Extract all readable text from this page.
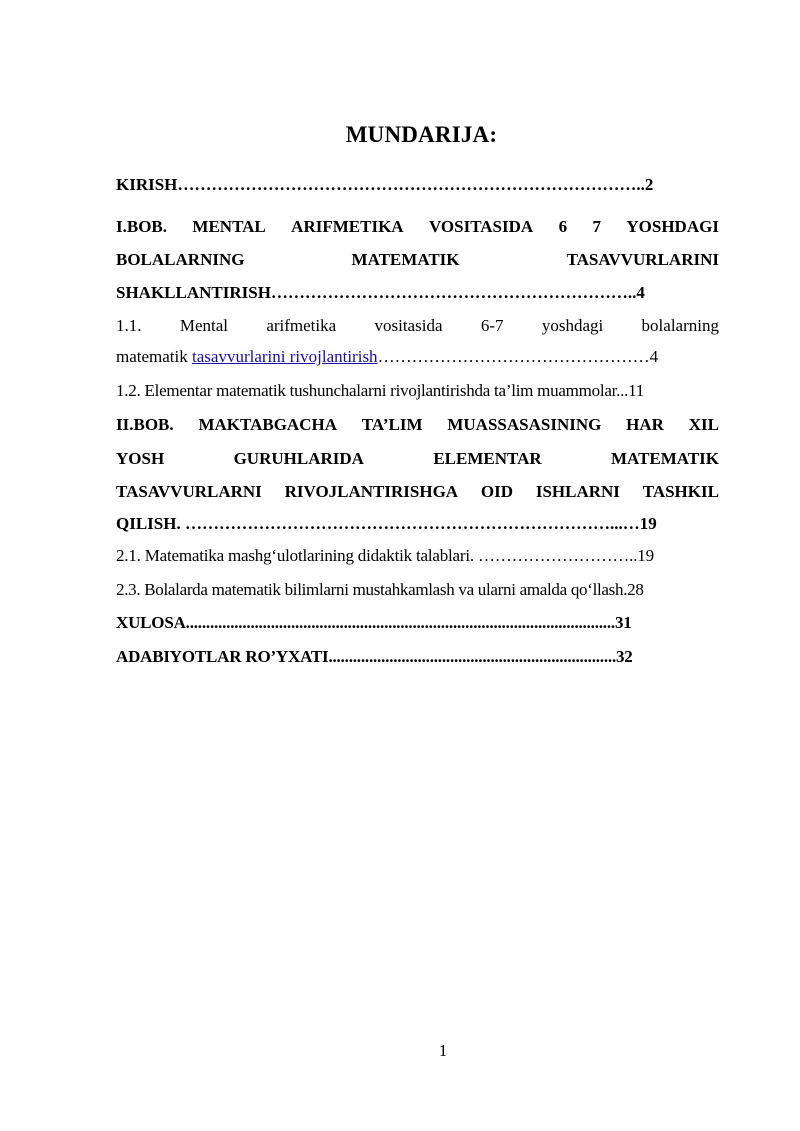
MUNDARIJA:
KIRISH………………………………………………………………………..2
I.BOB. MENTAL ARIFMETIKA VOSITASIDA 6 7 YOSHDAGI
BOLALARNING	MATEMATIK	TASAVVURLARINI
SHAKLLANTIRISH………………………………………………………..4
1.1. Mental arifmetika vositasida 6-7 yoshdagi bolalarning
matematik tasavvurlarini rivojlantirish…………………………………………4
1.2. Elementar matematik tushunchalarni rivojlantirishda ta’lim muammolar...11
II.BOB. MAKTABGACHA TA’LIM MUASSASASINING HAR XIL
YOSH	GURUHLARIDA	ELEMENTAR	MATEMATIK
TASAVVURLARNI RIVOJLANTIRISHGA OID ISHLARNI TASHKIL
QILISH. …………………………………………………………………...…19
2.1. Matematika mashg‘ulotlarining didaktik talablari. ………………………..19
2.3. Bolalarda matematik bilimlarni mustahkamlash va ularni amalda qo‘llash.28
XULOSA..........................................................................................................31
ADABIYOTLAR RO’YXATI.......................................................................32
1
